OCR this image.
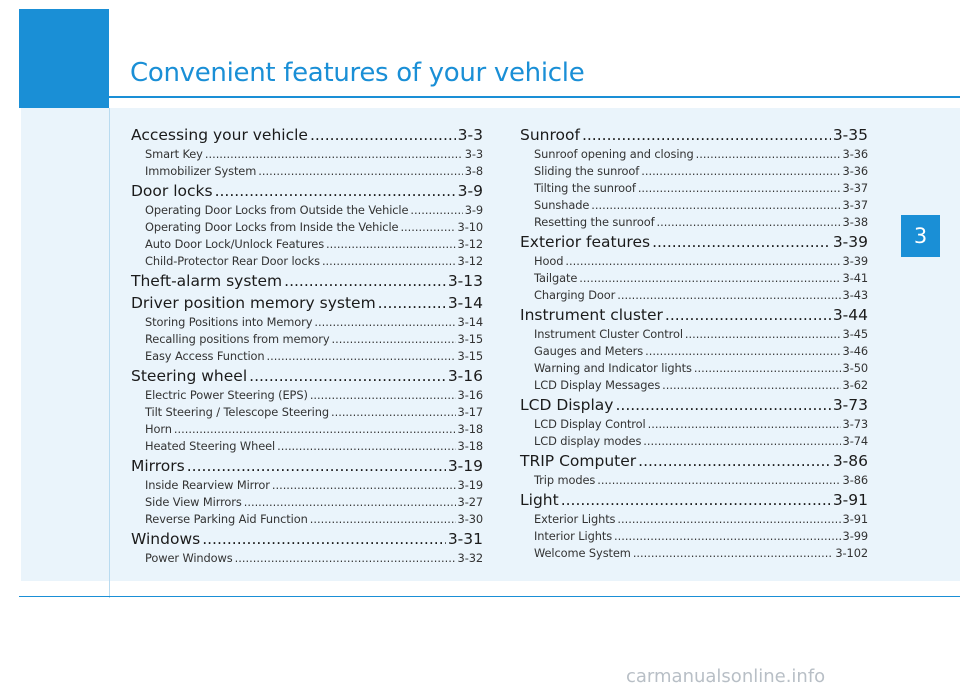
Convenient features of your vehicle
3
Accessing your vehicle .....	3-3
Smart Key .....	3-3
Immobilizer System .....	3-8
Door locks .....	3-9
Operating Door Locks from Outside the Vehicle .....	3-9
Operating Door Locks from Inside the Vehicle .....	3-10
Auto Door Lock/Unlock Features .....	3-12
Child-Protector Rear Door locks .....	3-12
Theft-alarm system .....	3-13
Driver position memory system .....	3-14
Storing Positions into Memory .....	3-14
Recalling positions from memory .....	3-15
Easy Access Function .....	3-15
Steering wheel .....	3-16
Electric Power Steering (EPS) .....	3-16
Tilt Steering / Telescope Steering .....	3-17
Horn .....	3-18
Heated Steering Wheel .....	3-18
Mirrors .....	3-19
Inside Rearview Mirror .....	3-19
Side View Mirrors .....	3-27
Reverse Parking Aid Function .....	3-30
Windows .....	3-31
Power Windows .....	3-32
Sunroof .....	3-35
Sunroof opening and closing .....	3-36
Sliding the sunroof .....	3-36
Tilting the sunroof .....	3-37
Sunshade .....	3-37
Resetting the sunroof .....	3-38
Exterior features .....	3-39
Hood .....	3-39
Tailgate .....	3-41
Charging Door .....	3-43
Instrument cluster .....	3-44
Instrument Cluster Control .....	3-45
Gauges and Meters .....	3-46
Warning and Indicator lights .....	3-50
LCD Display Messages .....	3-62
LCD Display .....	3-73
LCD Display Control .....	3-73
LCD display modes .....	3-74
TRIP Computer .....	3-86
Trip modes .....	3-86
Light .....	3-91
Exterior Lights .....	3-91
Interior Lights .....	3-99
Welcome System .....	3-102
carmanualsonline.info
